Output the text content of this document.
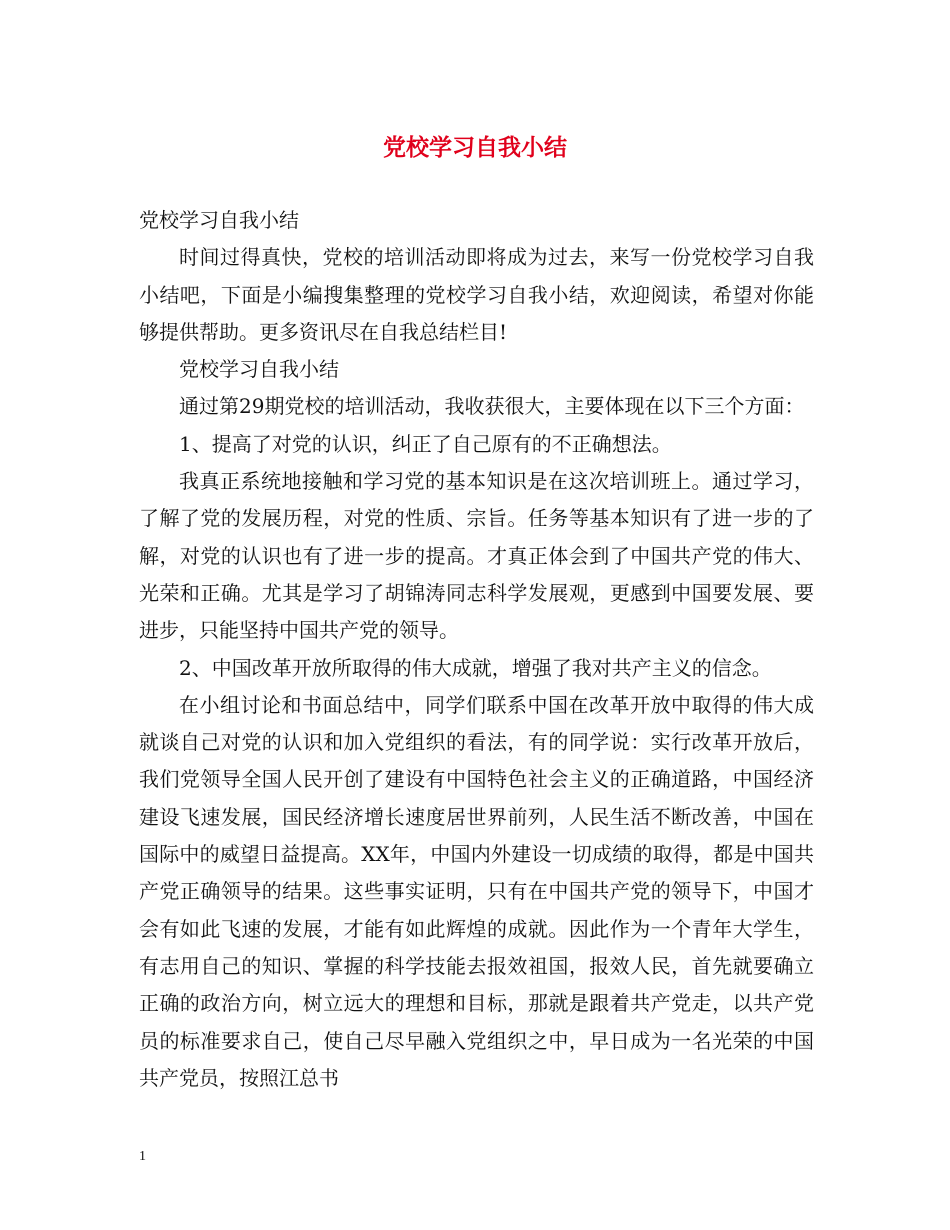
党校学习自我小结

党校学习自我小结

时间过得真快，党校的培训活动即将成为过去，来写一份党校学习自我小结吧，下面是小编搜集整理的党校学习自我小结，欢迎阅读，希望对你能够提供帮助。更多资讯尽在自我总结栏目!

党校学习自我小结

通过第29期党校的培训活动，我收获很大，主要体现在以下三个方面：

1、提高了对党的认识，纠正了自己原有的不正确想法。

我真正系统地接触和学习党的基本知识是在这次培训班上。通过学习，了解了党的发展历程，对党的性质、宗旨。任务等基本知识有了进一步的了解，对党的认识也有了进一步的提高。才真正体会到了中国共产党的伟大、光荣和正确。尤其是学习了胡锦涛同志科学发展观，更感到中国要发展、要进步，只能坚持中国共产党的领导。

2、中国改革开放所取得的伟大成就，增强了我对共产主义的信念。

在小组讨论和书面总结中，同学们联系中国在改革开放中取得的伟大成就谈自己对党的认识和加入党组织的看法，有的同学说：实行改革开放后，我们党领导全国人民开创了建设有中国特色社会主义的正确道路，中国经济建设飞速发展，国民经济增长速度居世界前列，人民生活不断改善，中国在国际中的威望日益提高。XX年，中国内外建设一切成绩的取得，都是中国共产党正确领导的结果。这些事实证明，只有在中国共产党的领导下，中国才会有如此飞速的发展，才能有如此辉煌的成就。因此作为一个青年大学生，有志用自己的知识、掌握的科学技能去报效祖国，报效人民，首先就要确立正确的政治方向，树立远大的理想和目标，那就是跟着共产党走，以共产党员的标准要求自己，使自己尽早融入党组织之中，早日成为一名光荣的中国共产党员，按照江总书

1
